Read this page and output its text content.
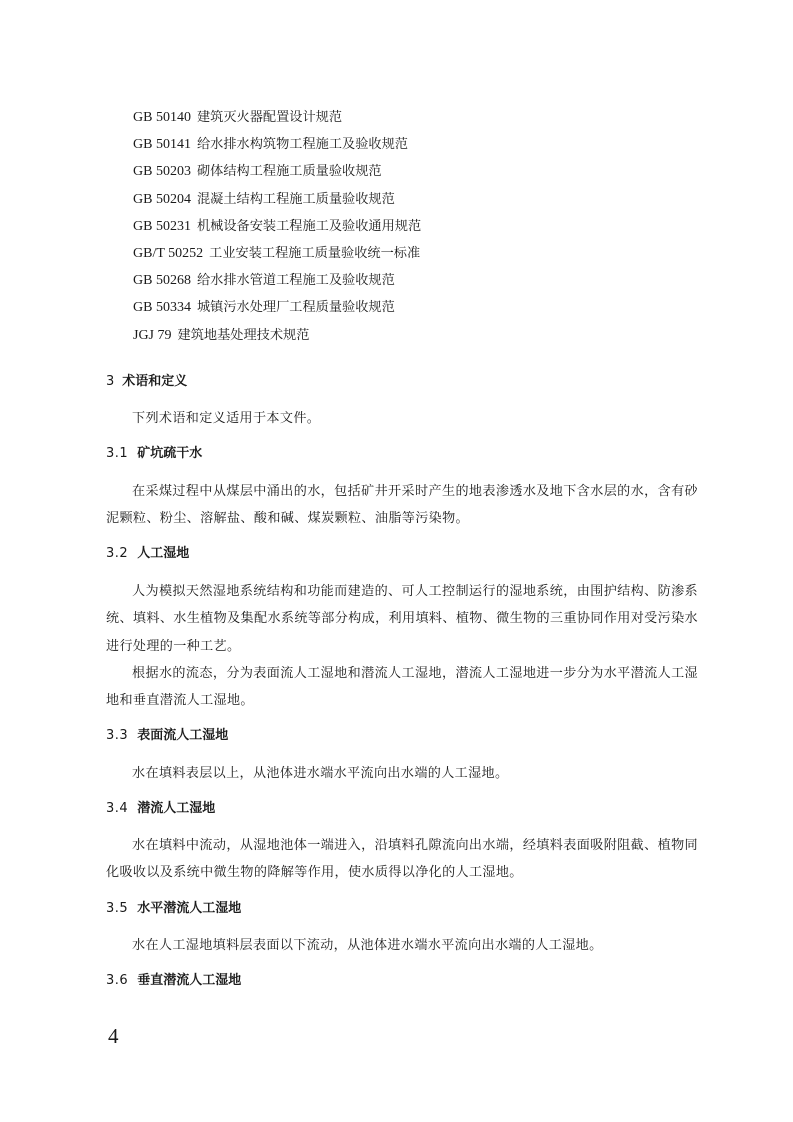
GB 50140 建筑灭火器配置设计规范
GB 50141 给水排水构筑物工程施工及验收规范
GB 50203 砌体结构工程施工质量验收规范
GB 50204 混凝土结构工程施工质量验收规范
GB 50231 机械设备安装工程施工及验收通用规范
GB/T 50252 工业安装工程施工质量验收统一标准
GB 50268 给水排水管道工程施工及验收规范
GB 50334 城镇污水处理厂工程质量验收规范
JGJ 79 建筑地基处理技术规范
3 术语和定义

下列术语和定义适用于本文件。

3.1 矿坑疏干水

在采煤过程中从煤层中涌出的水，包括矿井开采时产生的地表渗透水及地下含水层的水，含有砂泥颗粒、粉尘、溶解盐、酸和碱、煤炭颗粒、油脂等污染物。

3.2 人工湿地

人为模拟天然湿地系统结构和功能而建造的、可人工控制运行的湿地系统，由围护结构、防渗系统、填料、水生植物及集配水系统等部分构成，利用填料、植物、微生物的三重协同作用对受污染水进行处理的一种工艺。

根据水的流态，分为表面流人工湿地和潜流人工湿地，潜流人工湿地进一步分为水平潜流人工湿地和垂直潜流人工湿地。

3.3 表面流人工湿地

水在填料表层以上，从池体进水端水平流向出水端的人工湿地。

3.4 潜流人工湿地

水在填料中流动，从湿地池体一端进入，沿填料孔隙流向出水端，经填料表面吸附阻截、植物同化吸收以及系统中微生物的降解等作用，使水质得以净化的人工湿地。

3.5 水平潜流人工湿地

水在人工湿地填料层表面以下流动，从池体进水端水平流向出水端的人工湿地。

3.6 垂直潜流人工湿地
4
